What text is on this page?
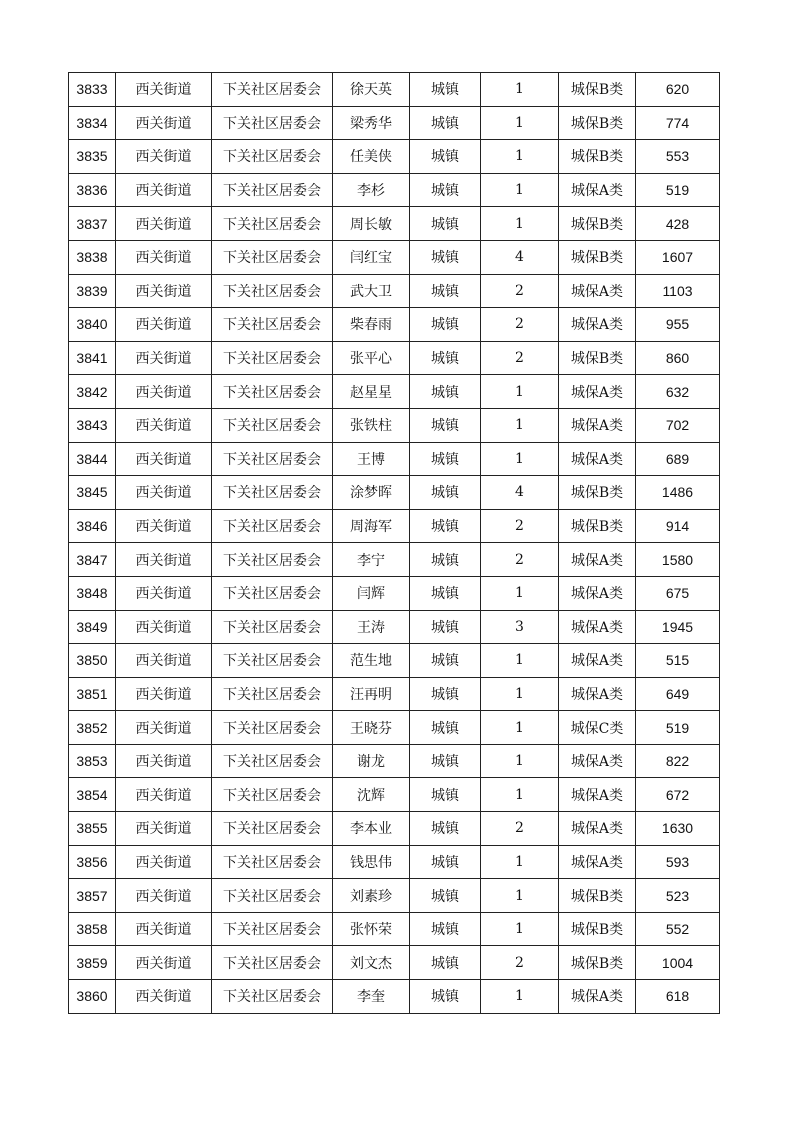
3833	西关街道	下关社区居委会	徐天英	城镇	1	城保B类	620
3834	西关街道	下关社区居委会	梁秀华	城镇	1	城保B类	774
3835	西关街道	下关社区居委会	任美侠	城镇	1	城保B类	553
3836	西关街道	下关社区居委会	李杉	城镇	1	城保A类	519
3837	西关街道	下关社区居委会	周长敏	城镇	1	城保B类	428
3838	西关街道	下关社区居委会	闫红宝	城镇	4	城保B类	1607
3839	西关街道	下关社区居委会	武大卫	城镇	2	城保A类	1103
3840	西关街道	下关社区居委会	柴春雨	城镇	2	城保A类	955
3841	西关街道	下关社区居委会	张平心	城镇	2	城保B类	860
3842	西关街道	下关社区居委会	赵星星	城镇	1	城保A类	632
3843	西关街道	下关社区居委会	张铁柱	城镇	1	城保A类	702
3844	西关街道	下关社区居委会	王博	城镇	1	城保A类	689
3845	西关街道	下关社区居委会	涂梦晖	城镇	4	城保B类	1486
3846	西关街道	下关社区居委会	周海军	城镇	2	城保B类	914
3847	西关街道	下关社区居委会	李宁	城镇	2	城保A类	1580
3848	西关街道	下关社区居委会	闫辉	城镇	1	城保A类	675
3849	西关街道	下关社区居委会	王涛	城镇	3	城保A类	1945
3850	西关街道	下关社区居委会	范生地	城镇	1	城保A类	515
3851	西关街道	下关社区居委会	汪再明	城镇	1	城保A类	649
3852	西关街道	下关社区居委会	王晓芬	城镇	1	城保C类	519
3853	西关街道	下关社区居委会	谢龙	城镇	1	城保A类	822
3854	西关街道	下关社区居委会	沈辉	城镇	1	城保A类	672
3855	西关街道	下关社区居委会	李本业	城镇	2	城保A类	1630
3856	西关街道	下关社区居委会	钱思伟	城镇	1	城保A类	593
3857	西关街道	下关社区居委会	刘素珍	城镇	1	城保B类	523
3858	西关街道	下关社区居委会	张怀荣	城镇	1	城保B类	552
3859	西关街道	下关社区居委会	刘文杰	城镇	2	城保B类	1004
3860	西关街道	下关社区居委会	李奎	城镇	1	城保A类	618
